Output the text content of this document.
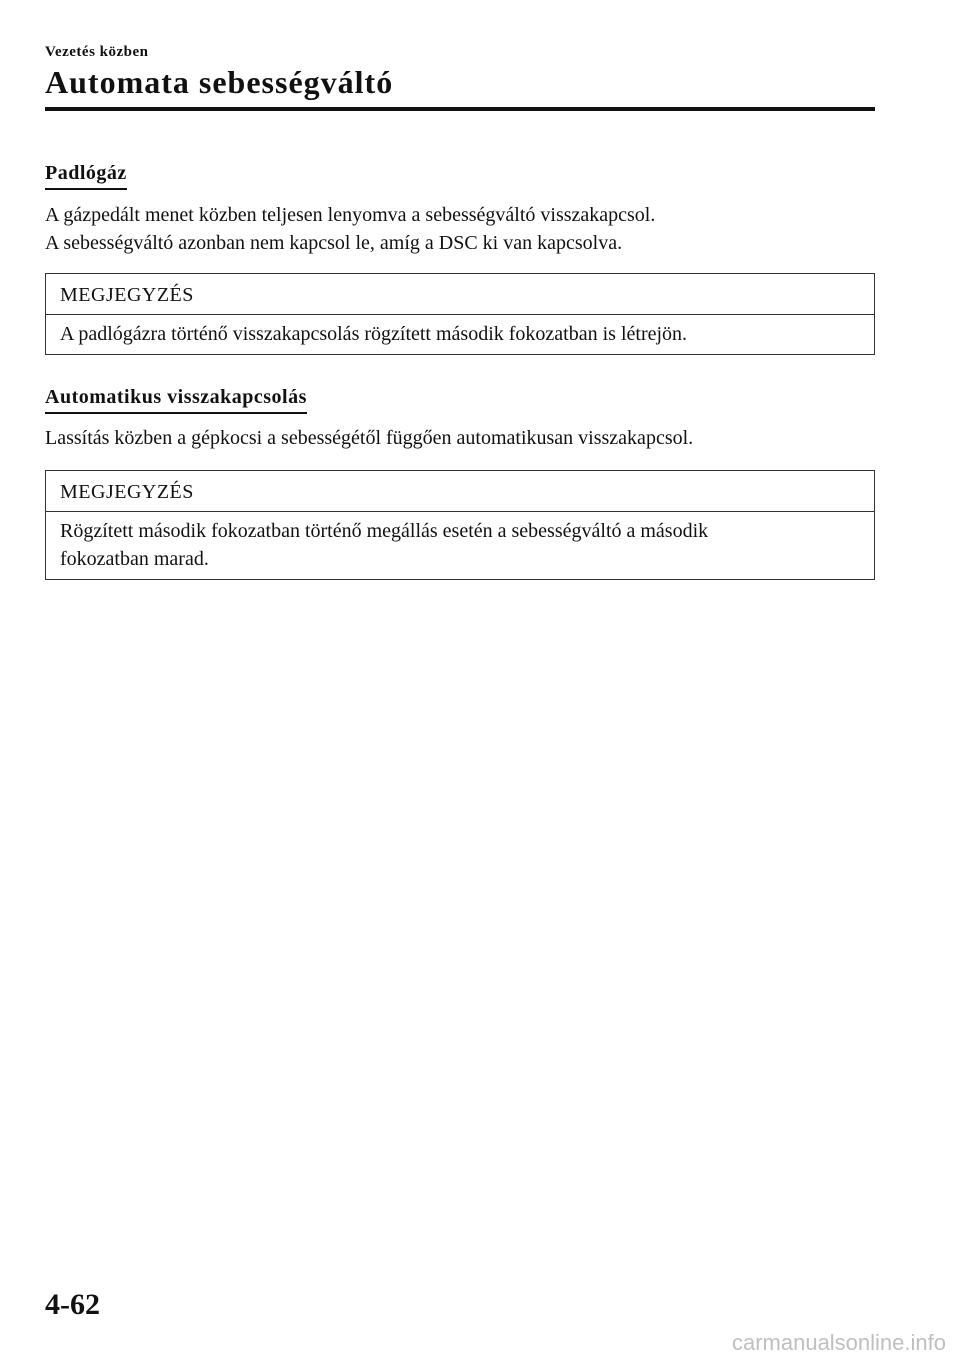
Vezetés közben
Automata sebességváltó
Padlógáz

A gázpedált menet közben teljesen lenyomva a sebességváltó visszakapcsol.

A sebességváltó azonban nem kapcsol le, amíg a DSC ki van kapcsolva.

MEGJEGYZÉS

A padlógázra történő visszakapcsolás rögzített második fokozatban is létrejön.

Automatikus visszakapcsolás

Lassítás közben a gépkocsi a sebességétől függően automatikusan visszakapcsol.

MEGJEGYZÉS

Rögzített második fokozatban történő megállás esetén a sebességváltó a második

fokozatban marad.

4-62
carmanualsonline.info
